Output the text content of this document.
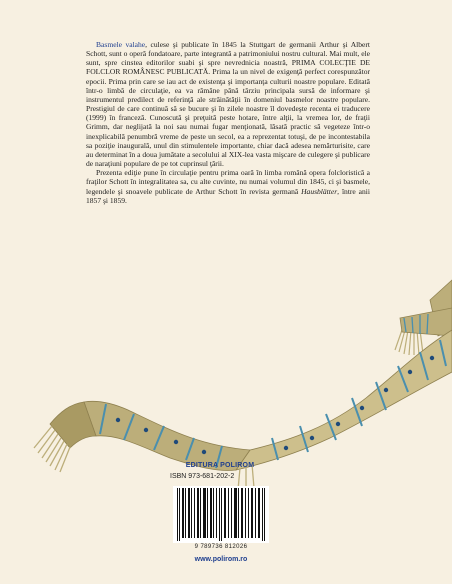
Basmele valahe, culese şi publicate în 1845 la Stuttgart de germanii Arthur şi Albert Schott, sunt o operă fondatoare, parte integrantă a patrimoniului nostru cultural. Mai mult, ele sunt, spre cinstea editorilor suabi şi spre nevrednicia noastră, PRIMA COLECŢIE DE FOLCLOR ROMÂNESC PUBLICATĂ. Prima la un nivel de exigenţă perfect corespunzător epocii. Prima prin care se iau act de existenţa şi importanţa culturii noastre populare. Editată într-o limbă de circulaţie, ea va rămâne până târziu principala sursă de informare şi instrumentul predilect de referinţă ale străinătăţii în domeniul basmelor noastre populare. Prestigiul de care continuă să se bucure şi în zilele noastre îl dovedeşte recenta ei traducere (1999) în franceză. Cunoscută şi preţuită peste hotare, între alţii, la vremea lor, de fraţii Grimm, dar neglijată la noi sau numai fugar menţionată, lăsată practic să vegeteze într-o inexplicabilă penumbră vreme de peste un secol, ea a reprezentat totuşi, de pe incontestabila sa poziţie inaugurală, unul din stimulentele importante, chiar dacă adesea nemărturisite, care au determinat în a doua jumătate a secolului al XIX-lea vasta mişcare de culegere şi publicare de naraţiuni populare de pe tot cuprinsul ţării.

Prezenta ediţie pune în circulaţie pentru prima oară în limba română opera folcloristică a fraţilor Schott în integralitatea sa, cu alte cuvinte, nu numai volumul din 1845, ci şi basmele, legendele şi snoavele publicate de Arthur Schott în revista germană Hausblätter, între anii 1857 şi 1859.

EDITURA POLIROM
ISBN 973-681-202-2
9 789736 812026
www.polirom.ro
